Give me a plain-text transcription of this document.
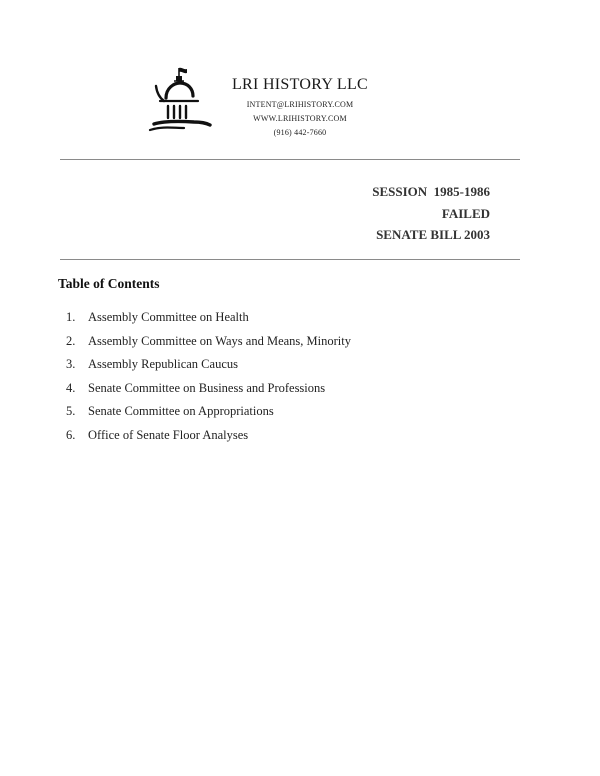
LRI HISTORY LLC
INTENT@LRIHISTORY.COM
WWW.LRIHISTORY.COM
(916) 442-7660
SESSION  1985-1986
FAILED
SENATE BILL 2003
Table of Contents
1. Assembly Committee on Health
2. Assembly Committee on Ways and Means, Minority
3. Assembly Republican Caucus
4. Senate Committee on Business and Professions
5. Senate Committee on Appropriations
6. Office of Senate Floor Analyses
